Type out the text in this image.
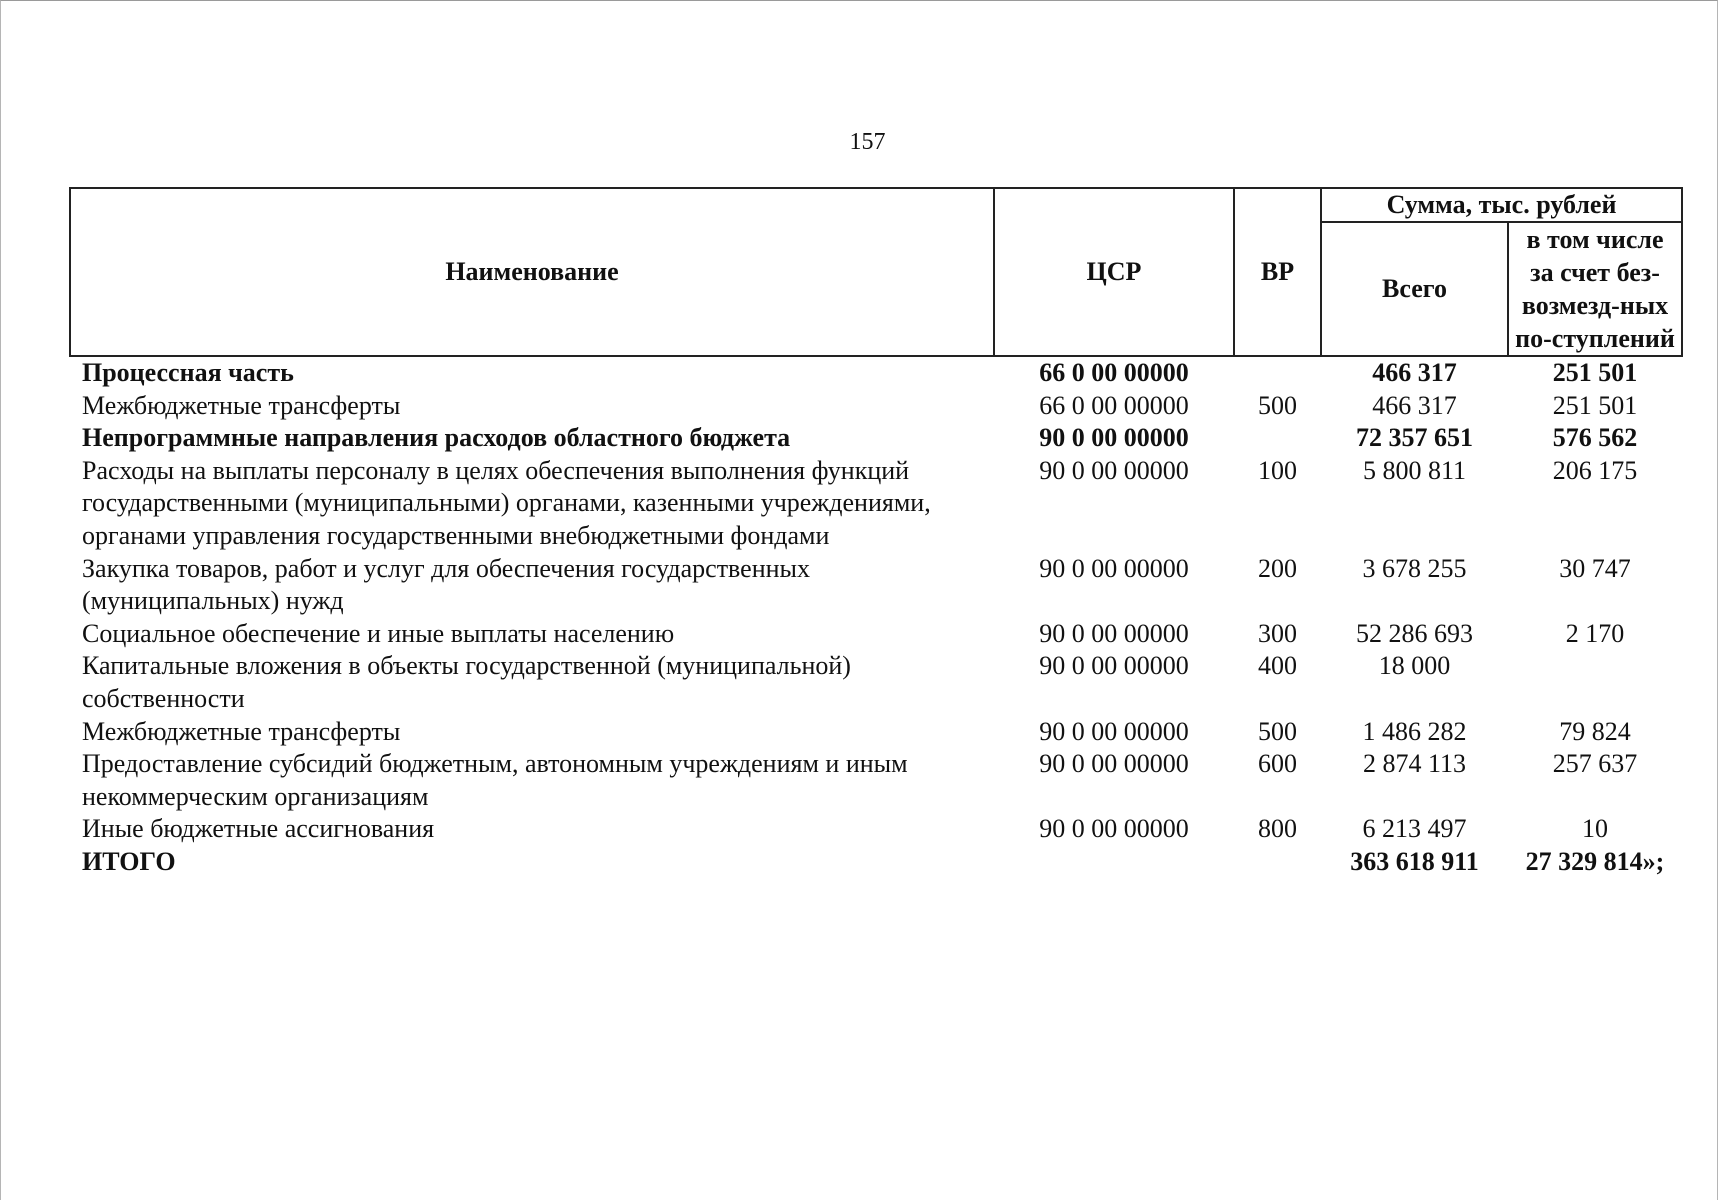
157
Наименование	ЦСР	ВР	Сумма, тыс. рублей	
			Всего	в том числе за счет без-возмезд-ных по-ступлений
Процессная часть	66 0 00 00000		466 317	251 501
Межбюджетные трансферты	66 0 00 00000	500	466 317	251 501
Непрограммные направления расходов областного бюджета	90 0 00 00000		72 357 651	576 562
Расходы на выплаты персоналу в целях обеспечения выполнения функций государственными (муниципальными) органами, казенными учреждениями, органами управления государственными внебюджетными фондами	90 0 00 00000	100	5 800 811	206 175
Закупка товаров, работ и услуг для обеспечения государственных (муниципальных) нужд	90 0 00 00000	200	3 678 255	30 747
Социальное обеспечение и иные выплаты населению	90 0 00 00000	300	52 286 693	2 170
Капитальные вложения в объекты государственной (муниципальной) собственности	90 0 00 00000	400	18 000	
Межбюджетные трансферты	90 0 00 00000	500	1 486 282	79 824
Предоставление субсидий бюджетным, автономным учреждениям и иным некоммерческим организациям	90 0 00 00000	600	2 874 113	257 637
Иные бюджетные ассигнования	90 0 00 00000	800	6 213 497	10
ИТОГО			363 618 911	27 329 814»;
